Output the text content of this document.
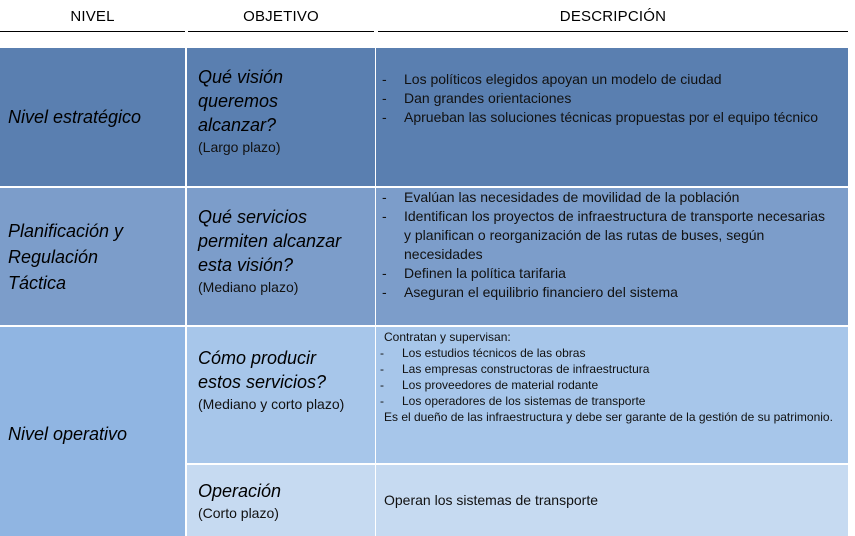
NIVEL	OBJETIVO	DESCRIPCIÓN
Nivel estratégico
Qué visión queremos alcanzar?
(Largo plazo)
- Los políticos elegidos apoyan un modelo de ciudad
- Dan grandes orientaciones
- Aprueban las soluciones técnicas propuestas por el equipo técnico
Planificación y Regulación Táctica
Qué servicios permiten alcanzar esta visión?
(Mediano plazo)
- Evalúan las necesidades de movilidad de la población
- Identifican los proyectos de infraestructura de transporte necesarias y planifican o reorganización de las rutas de buses, según necesidades
- Definen la política tarifaria
- Aseguran el equilibrio financiero del sistema
Nivel operativo
Cómo producir estos servicios?
(Mediano y corto plazo)
Contratan y supervisan:
- Los estudios técnicos de las obras
- Las empresas constructoras de infraestructura
- Los proveedores de material rodante
- Los operadores de los sistemas de transporte
Es el dueño de las infraestructura y debe ser garante de la gestión de su patrimonio.
Operación
(Corto plazo)
Operan los sistemas de transporte
